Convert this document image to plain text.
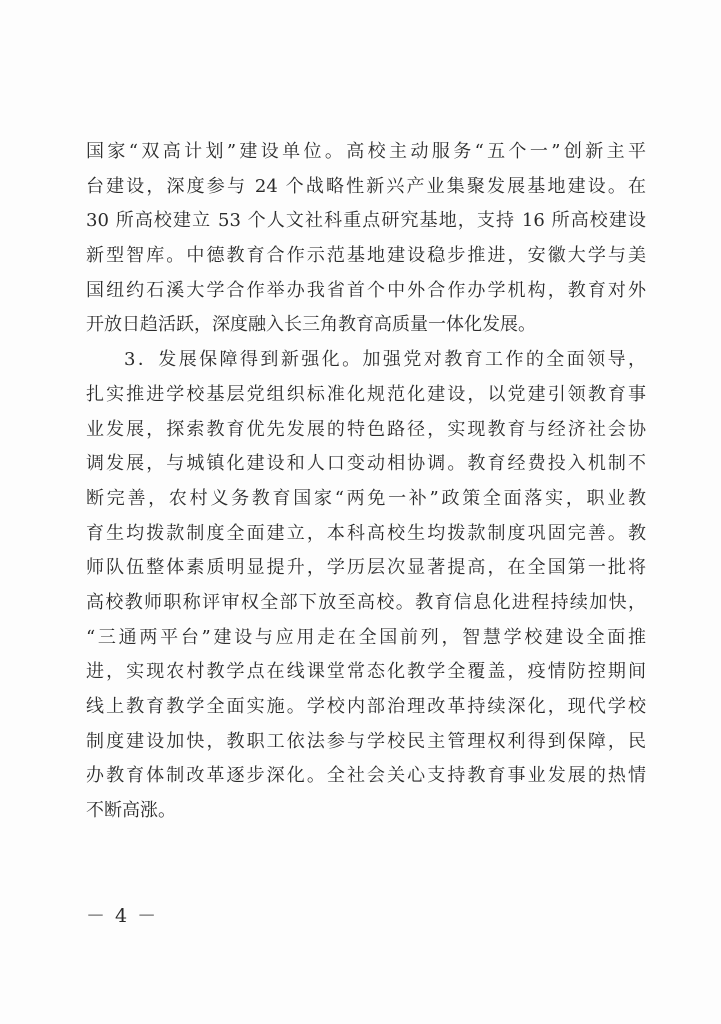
国家“双高计划”建设单位。高校主动服务“五个一”创新主平
台建设，深度参与 24 个战略性新兴产业集聚发展基地建设。在
30 所高校建立 53 个人文社科重点研究基地，支持 16 所高校建设
新型智库。中德教育合作示范基地建设稳步推进，安徽大学与美
国纽约石溪大学合作举办我省首个中外合作办学机构，教育对外
开放日趋活跃，深度融入长三角教育高质量一体化发展。
3．发展保障得到新强化。加强党对教育工作的全面领导，
扎实推进学校基层党组织标准化规范化建设，以党建引领教育事
业发展，探索教育优先发展的特色路径，实现教育与经济社会协
调发展，与城镇化建设和人口变动相协调。教育经费投入机制不
断完善，农村义务教育国家“两免一补”政策全面落实，职业教
育生均拨款制度全面建立，本科高校生均拨款制度巩固完善。教
师队伍整体素质明显提升，学历层次显著提高，在全国第一批将
高校教师职称评审权全部下放至高校。教育信息化进程持续加快，
“三通两平台”建设与应用走在全国前列，智慧学校建设全面推
进，实现农村教学点在线课堂常态化教学全覆盖，疫情防控期间
线上教育教学全面实施。学校内部治理改革持续深化，现代学校
制度建设加快，教职工依法参与学校民主管理权利得到保障，民
办教育体制改革逐步深化。全社会关心支持教育事业发展的热情
不断高涨。
－ 4 －
